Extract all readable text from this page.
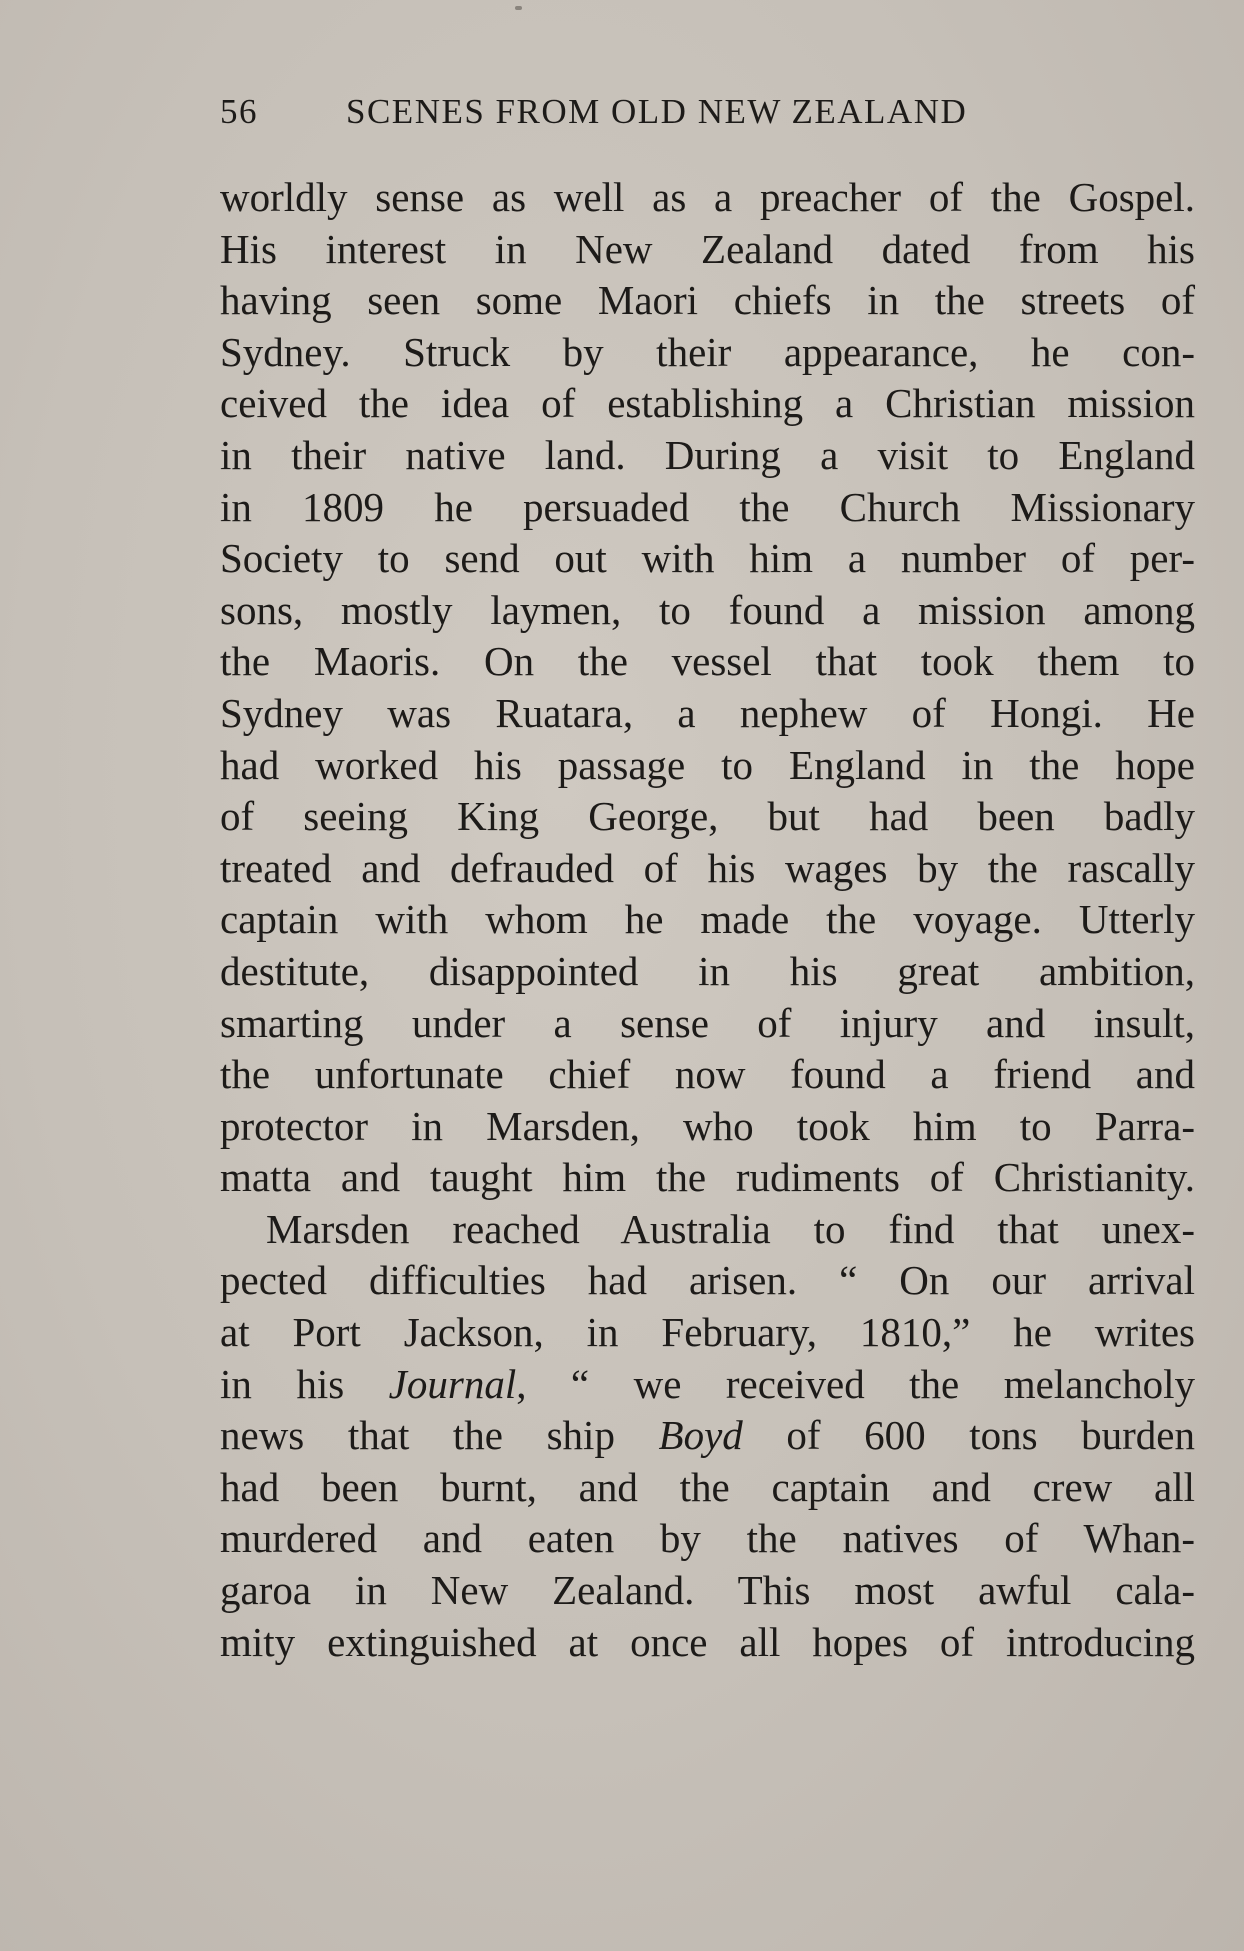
56	SCENES FROM OLD NEW ZEALAND
worldly sense as well as a preacher of the Gospel.
His interest in New Zealand dated from his
having seen some Maori chiefs in the streets of
Sydney. Struck by their appearance, he con-
ceived the idea of establishing a Christian mission
in their native land. During a visit to England
in 1809 he persuaded the Church Missionary
Society to send out with him a number of per-
sons, mostly laymen, to found a mission among
the Maoris. On the vessel that took them to
Sydney was Ruatara, a nephew of Hongi. He
had worked his passage to England in the hope
of seeing King George, but had been badly
treated and defrauded of his wages by the rascally
captain with whom he made the voyage. Utterly
destitute, disappointed in his great ambition,
smarting under a sense of injury and insult,
the unfortunate chief now found a friend and
protector in Marsden, who took him to Parra-
matta and taught him the rudiments of Christianity.
Marsden reached Australia to find that unex-
pected difficulties had arisen. “ On our arrival
at Port Jackson, in February, 1810,” he writes
in his Journal, “ we received the melancholy
news that the ship Boyd of 600 tons burden
had been burnt, and the captain and crew all
murdered and eaten by the natives of Whan-
garoa in New Zealand. This most awful cala-
mity extinguished at once all hopes of introducing
